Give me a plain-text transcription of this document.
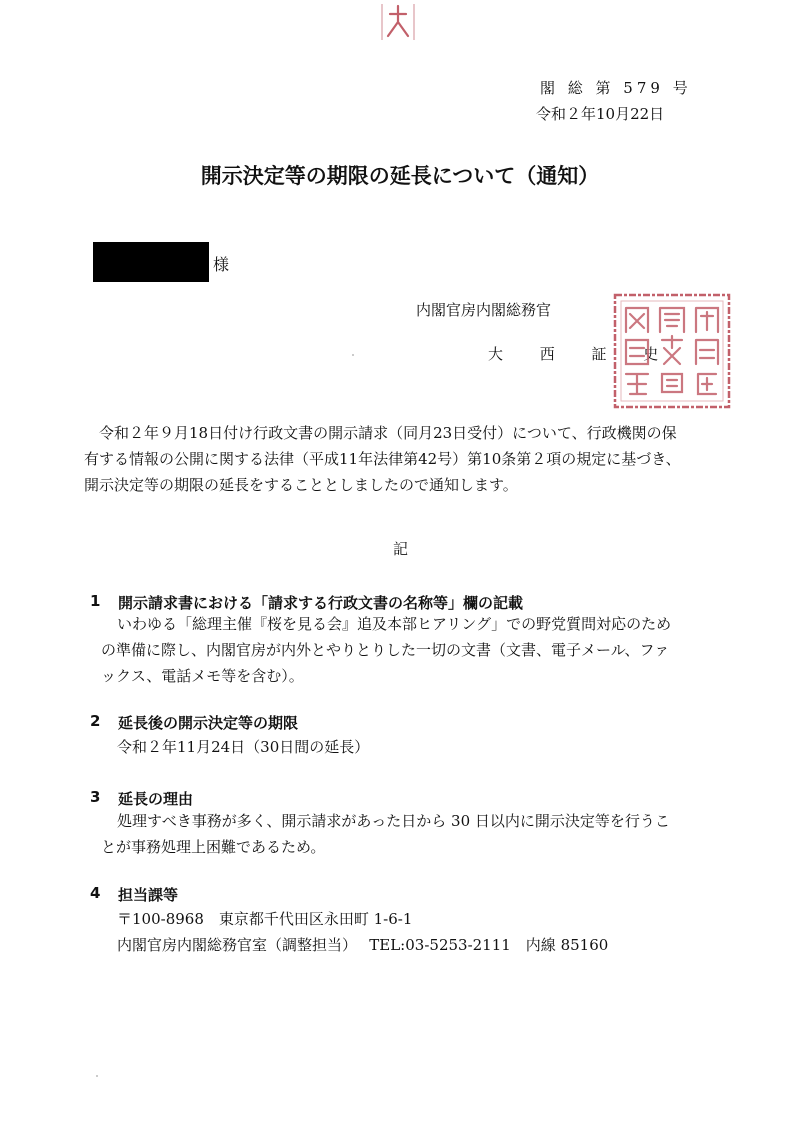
閣 総 第 579 号
令和２年10月22日
開示決定等の期限の延長について（通知）
様
内閣官房内閣総務官
大 西 証 史

令和２年９月18日付け行政文書の開示請求（同月23日受付）について、行政機関の保

有する情報の公開に関する法律（平成11年法律第42号）第10条第２項の規定に基づき、

開示決定等の期限の延長をすることとしましたので通知します。

記
1 開示請求書における「請求する行政文書の名称等」欄の記載
いわゆる「総理主催『桜を見る会』追及本部ヒアリング」での野党質問対応のため
の準備に際し、内閣官房が内外とやりとりした一切の文書（文書、電子メール、ファ
ックス、電話メモ等を含む）。
2 延長後の開示決定等の期限
令和２年11月24日（30日間の延長）
3 延長の理由
処理すべき事務が多く、開示請求があった日から 30 日以内に開示決定等を行うこ
とが事務処理上困難であるため。
4 担当課等
〒100-8968　東京都千代田区永田町 1-6-1
内閣官房内閣総務官室（調整担当）　 TEL:03-5253-2111　内線 85160
